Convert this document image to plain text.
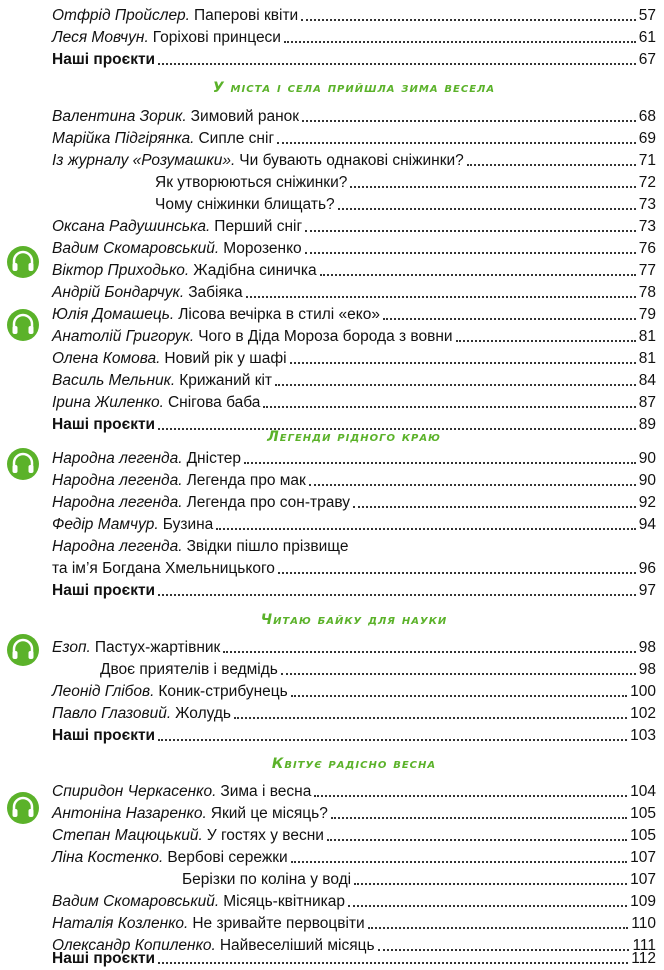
Отфрід Пройслер. Паперові квіти	57
Леся Мовчун. Горіхові принцеси	61
Наші проєкти	67
У міста і села прийшла зима весела
Валентина Зорик. Зимовий ранок	68
Марійка Підгірянка. Сипле сніг	69
Із журналу «Розумашки». Чи бувають однакові сніжинки?	71
Як утворюються сніжинки?	72
Чому сніжинки блищать?	73
Оксана Радушинська. Перший сніг	73
Вадим Скомаровський. Морозенко	76
Віктор Приходько. Жадібна синичка	77
Андрій Бондарчук. Забіяка	78
Юлія Домашець. Лісова вечірка в стилі «еко»	79
Анатолій Григорук. Чого в Діда Мороза борода з вовни	81
Олена Комова. Новий рік у шафі	81
Василь Мельник. Крижаний кіт	84
Ірина Жиленко. Снігова баба	87
Наші проєкти	89
Легенди рідного краю
Народна легенда. Дністер	90
Народна легенда. Легенда про мак	90
Народна легенда. Легенда про сон-траву	92
Федір Мамчур. Бузина	94
Народна легенда. Звідки пішло прізвище
та ім’я Богдана Хмельницького	96
Наші проєкти	97
Читаю байку для науки
Езоп. Пастух-жартівник	98
Двоє приятелів і ведмідь	98
Леонід Глібов. Коник-стрибунець	100
Павло Глазовий. Жолудь	102
Наші проєкти	103
Квітує радісно весна
Спиридон Черкасенко. Зима і весна	104
Антоніна Назаренко. Який це місяць?	105
Степан Мацюцький. У гостях у весни	105
Ліна Костенко. Вербові сережки	107
Берізки по коліна у воді	107
Вадим Скомаровський. Місяць-квітникар	109
Наталія Козленко. Не зривайте первоцвіти	110
Олександр Копиленко. Найвеселіший місяць	111
Наші проєкти	112
